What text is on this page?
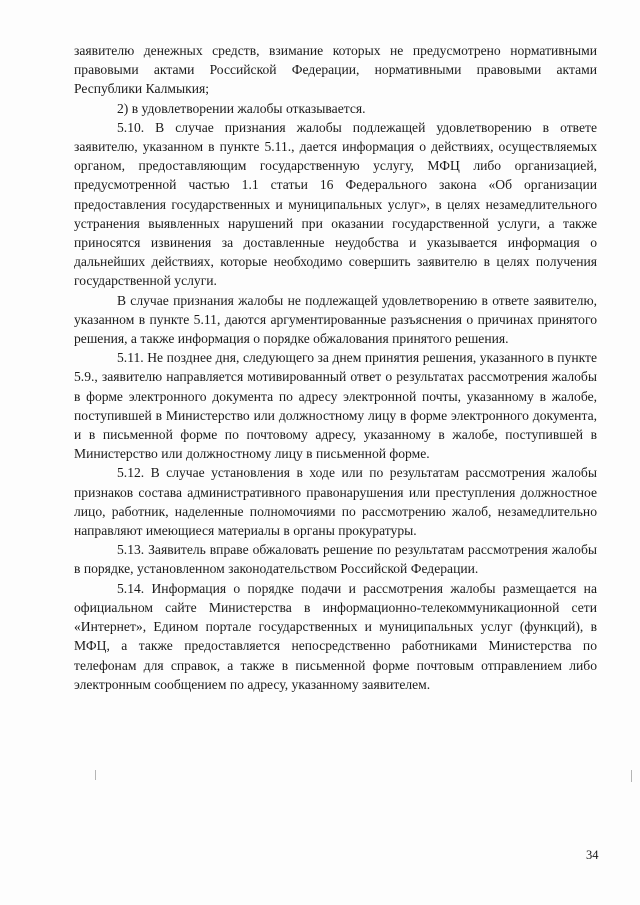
заявителю денежных средств, взимание которых не предусмотрено нормативными правовыми актами Российской Федерации, нормативными правовыми актами Республики Калмыкия;

2) в удовлетворении жалобы отказывается.

5.10. В случае признания жалобы подлежащей удовлетворению в ответе заявителю, указанном в пункте 5.11., дается информация о действиях, осуществляемых органом, предоставляющим государственную услугу, МФЦ либо организацией, предусмотренной частью 1.1 статьи 16 Федерального закона «Об организации предоставления государственных и муниципальных услуг», в целях незамедлительного устранения выявленных нарушений при оказании государственной услуги, а также приносятся извинения за доставленные неудобства и указывается информация о дальнейших действиях, которые необходимо совершить заявителю в целях получения государственной услуги.

В случае признания жалобы не подлежащей удовлетворению в ответе заявителю, указанном в пункте 5.11, даются аргументированные разъяснения о причинах принятого решения, а также информация о порядке обжалования принятого решения.

5.11. Не позднее дня, следующего за днем принятия решения, указанного в пункте 5.9., заявителю направляется мотивированный ответ о результатах рассмотрения жалобы в форме электронного документа по адресу электронной почты, указанному в жалобе, поступившей в Министерство или должностному лицу в форме электронного документа, и в письменной форме по почтовому адресу, указанному в жалобе, поступившей в Министерство или должностному лицу в письменной форме.

5.12. В случае установления в ходе или по результатам рассмотрения жалобы признаков состава административного правонарушения или преступления должностное лицо, работник, наделенные полномочиями по рассмотрению жалоб, незамедлительно направляют имеющиеся материалы в органы прокуратуры.

5.13. Заявитель вправе обжаловать решение по результатам рассмотрения жалобы в порядке, установленном законодательством Российской Федерации.

5.14. Информация о порядке подачи и рассмотрения жалобы размещается на официальном сайте Министерства в информационно-телекоммуникационной сети «Интернет», Едином портале государственных и муниципальных услуг (функций), в МФЦ, а также предоставляется непосредственно работниками Министерства по телефонам для справок, а также в письменной форме почтовым отправлением либо электронным сообщением по адресу, указанному заявителем.

34
